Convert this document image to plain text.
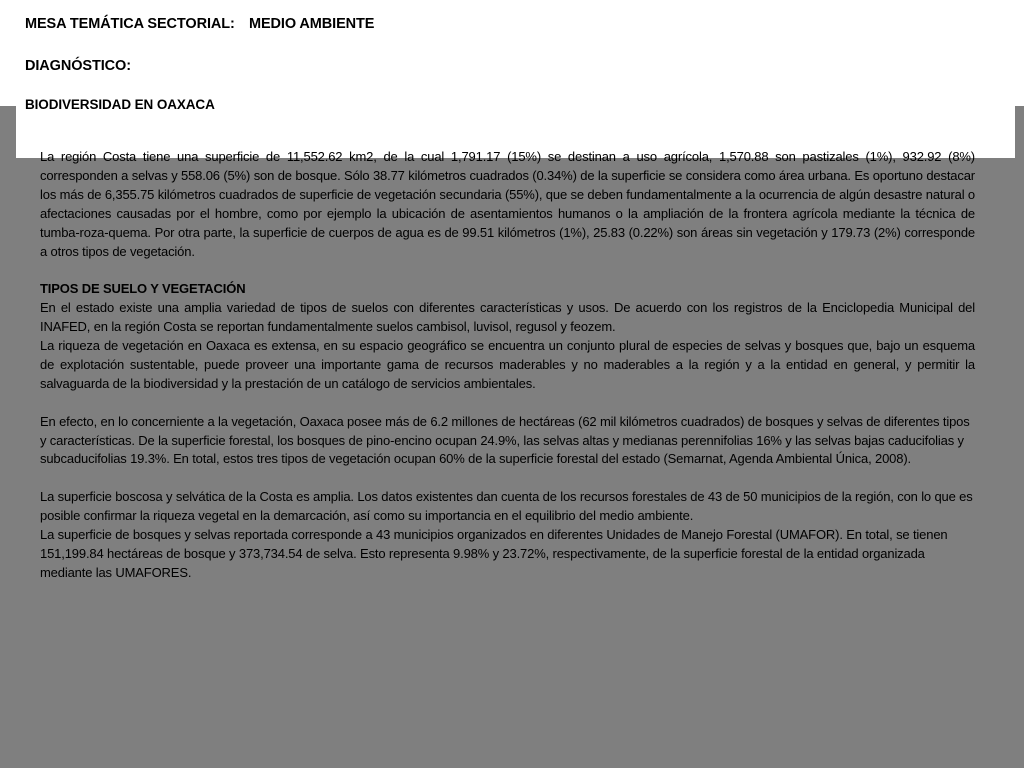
MESA TEMÁTICA SECTORIAL: MEDIO AMBIENTE
DIAGNÓSTICO:
BIODIVERSIDAD EN OAXACA

La región Costa tiene una superficie de 11,552.62 km2, de la cual 1,791.17 (15%) se destinan a uso agrícola, 1,570.88 son pastizales (1%), 932.92 (8%) corresponden a selvas y 558.06 (5%) son de bosque. Sólo 38.77 kilómetros cuadrados (0.34%) de la superficie se considera como área urbana. Es oportuno destacar los más de 6,355.75 kilómetros cuadrados de superficie de vegetación secundaria (55%), que se deben fundamentalmente a la ocurrencia de algún desastre natural o afectaciones causadas por el hombre, como por ejemplo la ubicación de asentamientos humanos o la ampliación de la frontera agrícola mediante la técnica de tumba-roza-quema. Por otra parte, la superficie de cuerpos de agua es de 99.51 kilómetros (1%), 25.83 (0.22%) son áreas sin vegetación y 179.73 (2%) corresponde a otros tipos de vegetación.

TIPOS DE SUELO Y VEGETACIÓN

En el estado existe una amplia variedad de tipos de suelos con diferentes características y usos. De acuerdo con los registros de la Enciclopedia Municipal del INAFED, en la región Costa se reportan fundamentalmente suelos cambisol, luvisol, regusol y feozem.

La riqueza de vegetación en Oaxaca es extensa, en su espacio geográfico se encuentra un conjunto plural de especies de selvas y bosques que, bajo un esquema de explotación sustentable, puede proveer una importante gama de recursos maderables y no maderables a la región y a la entidad en general, y permitir la salvaguarda de la biodiversidad y la prestación de un catálogo de servicios ambientales.

En efecto, en lo concerniente a la vegetación, Oaxaca posee más de 6.2 millones de hectáreas (62 mil kilómetros cuadrados) de bosques y selvas de diferentes tipos y características. De la superficie forestal, los bosques de pino-encino ocupan 24.9%, las selvas altas y medianas perennifolias 16% y las selvas bajas caducifolias y subcaducifolias 19.3%. En total, estos tres tipos de vegetación ocupan 60% de la superficie forestal del estado (Semarnat, Agenda Ambiental Única, 2008).

La superficie boscosa y selvática de la Costa es amplia. Los datos existentes dan cuenta de los recursos forestales de 43 de 50 municipios de la región, con lo que es posible confirmar la riqueza vegetal en la demarcación, así como su importancia en el equilibrio del medio ambiente.

La superficie de bosques y selvas reportada corresponde a 43 municipios organizados en diferentes Unidades de Manejo Forestal (UMAFOR). En total, se tienen 151,199.84 hectáreas de bosque y 373,734.54 de selva. Esto representa 9.98% y 23.72%, respectivamente, de la superficie forestal de la entidad organizada mediante las UMAFORES.
